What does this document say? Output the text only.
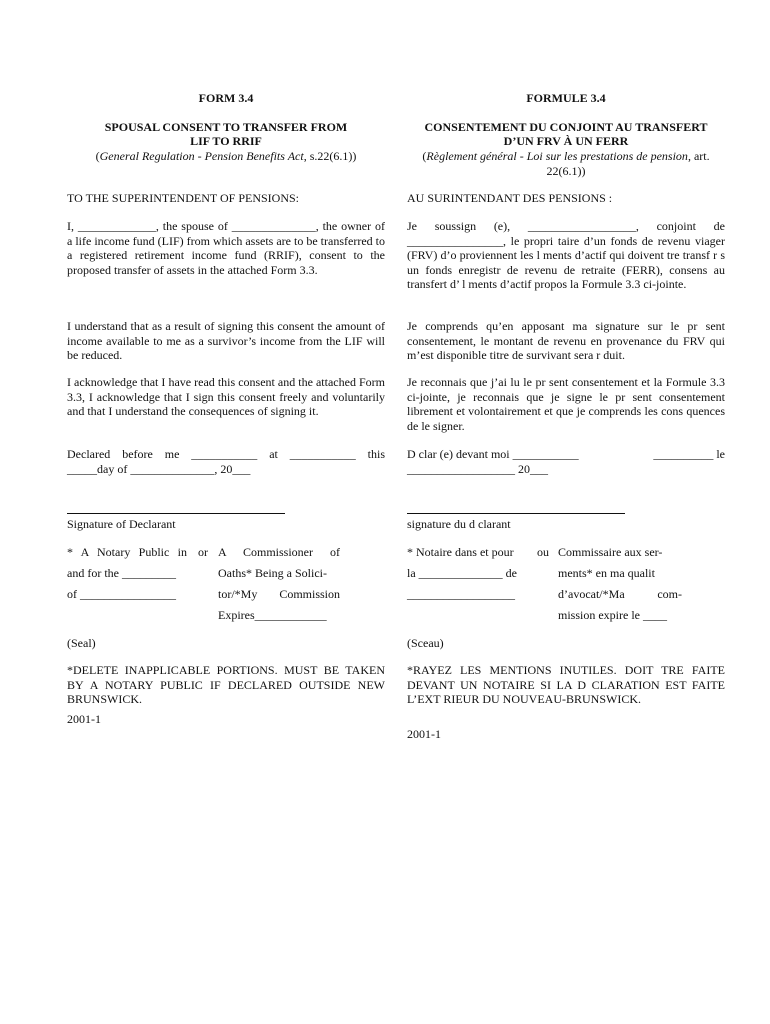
FORM 3.4
SPOUSAL CONSENT TO TRANSFER FROM
LIF TO RRIF
(General Regulation - Pension Benefits Act, s.22(6.1))
TO THE SUPERINTENDENT OF PENSIONS:
I, _____________, the spouse of ______________, the owner of a life income fund (LIF) from which assets are to be transferred to a registered retirement income fund (RRIF), consent to the proposed transfer of assets in the attached Form 3.3.
I understand that as a result of signing this consent the amount of income available to me as a survivor’s income from the LIF will be reduced.
I acknowledge that I have read this consent and the attached Form 3.3, I acknowledge that I sign this consent freely and voluntarily and that I understand the consequences of signing it.
Declared before me ___________ at ___________ this
_____day of ______________, 20___
Signature of Declarant
* A Notary Public in
and for the _________
of ________________
or A Commissioner of
Oaths* Being a Solici-
tor/*My Commission
Expires____________
(Seal)
*DELETE INAPPLICABLE PORTIONS. MUST BE TAKEN BY A NOTARY PUBLIC IF DECLARED OUTSIDE NEW BRUNSWICK.
2001-1
FORMULE 3.4
CONSENTEMENT DU CONJOINT AU TRANSFERT
D’UN FRV À UN FERR
(Règlement général - Loi sur les prestations de pension, art. 22(6.1))
AU SURINTENDANT DES PENSIONS :
Je soussign (e), __________________, conjoint de ________________, le propri taire d’un fonds de revenu viager (FRV) d’o proviennent les l ments d’actif qui doivent tre transf r s un fonds enregistr de revenu de retraite (FERR), consens au transfert d’ l ments d’actif propos la Formule 3.3 ci-jointe.
Je comprends qu’en apposant ma signature sur le pr sent consentement, le montant de revenu en provenance du FRV qui m’est disponible titre de survivant sera r duit.
Je reconnais que j’ai lu le pr sent consentement et la Formule 3.3 ci-jointe, je reconnais que je signe le pr sent consentement librement et volontairement et que je comprends les cons quences de le signer.
D clar (e) devant moi ___________	__________ le
__________________ 20___
signature du d clarant
* Notaire dans et pour
la ______________ de
__________________
ou Commissaire aux ser-
ments* en ma qualit
d’avocat/*Ma com-
mission expire le ____
(Sceau)
*RAYEZ LES MENTIONS INUTILES. DOIT TRE FAITE DEVANT UN NOTAIRE SI LA D CLARATION EST FAITE L’EXT RIEUR DU NOUVEAU-BRUNSWICK.
2001-1
